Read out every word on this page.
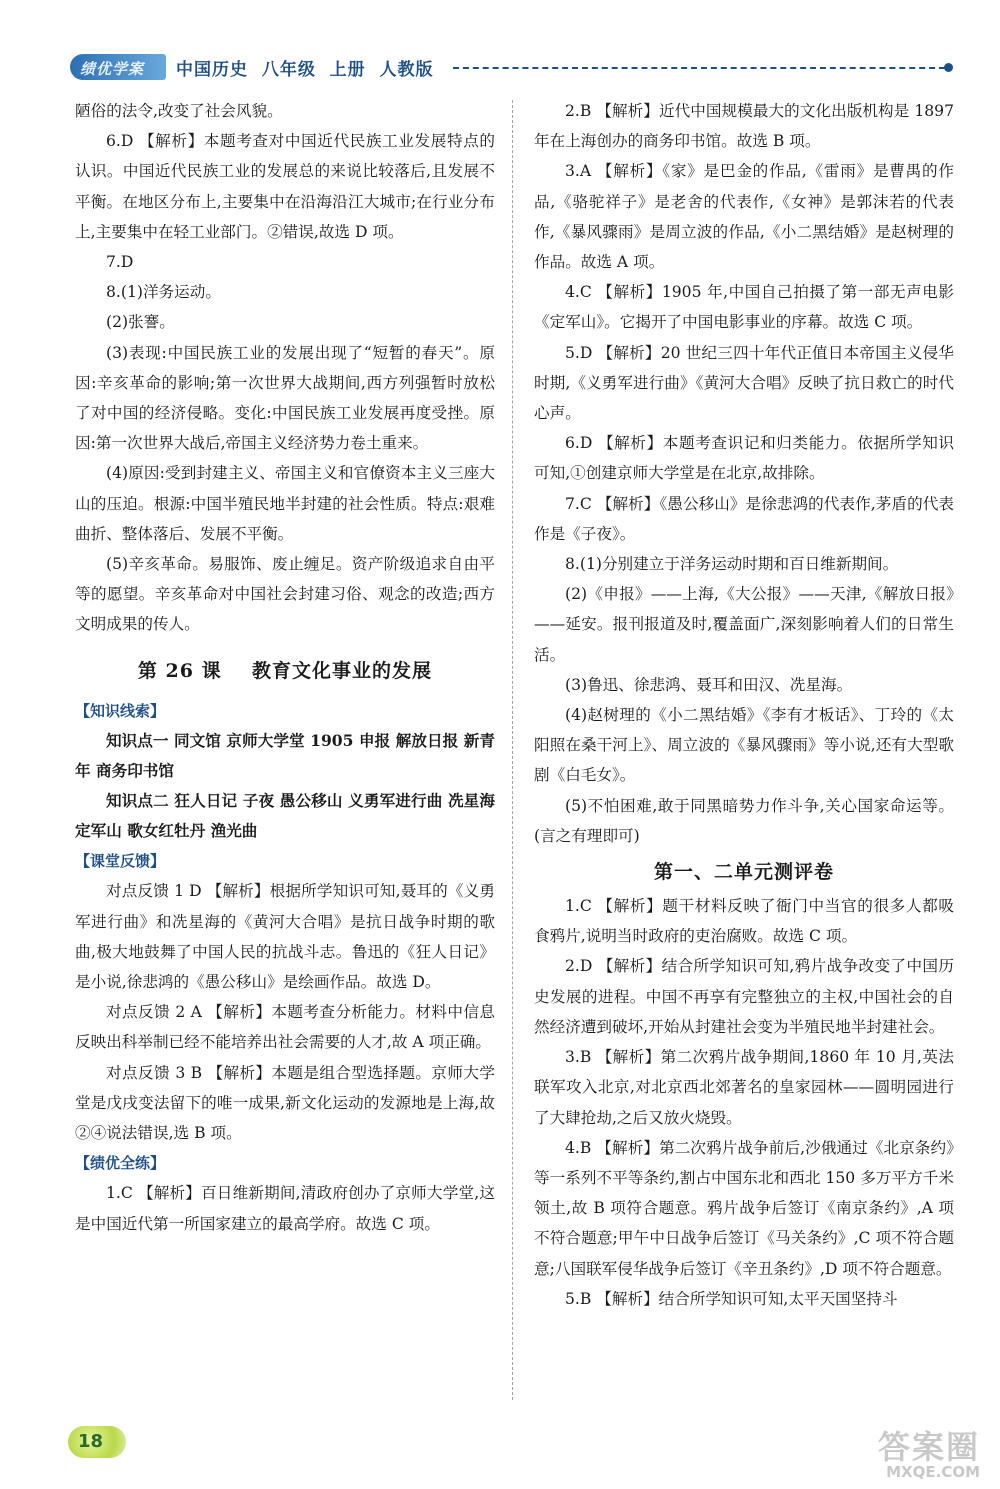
绩优学案 中国历史  八年级  上册  人教版

陋俗的法令,改变了社会风貌。

6.D 【解析】本题考查对中国近代民族工业发展特点的认识。中国近代民族工业的发展总的来说比较落后,且发展不平衡。在地区分布上,主要集中在沿海沿江大城市;在行业分布上,主要集中在轻工业部门。②错误,故选 D 项。

7.D

8.(1)洋务运动。

(2)张謇。

(3)表现:中国民族工业的发展出现了“短暂的春天”。原因:辛亥革命的影响;第一次世界大战期间,西方列强暂时放松了对中国的经济侵略。变化:中国民族工业发展再度受挫。原因:第一次世界大战后,帝国主义经济势力卷土重来。

(4)原因:受到封建主义、帝国主义和官僚资本主义三座大山的压迫。根源:中国半殖民地半封建的社会性质。特点:艰难曲折、整体落后、发展不平衡。

(5)辛亥革命。易服饰、废止缠足。资产阶级追求自由平等的愿望。辛亥革命对中国社会封建习俗、观念的改造;西方文明成果的传人。

第 26 课    教育文化事业的发展
【知识线索】

知识点一 同文馆 京师大学堂 1905 申报 解放日报 新青年 商务印书馆

知识点二 狂人日记 子夜 愚公移山 义勇军进行曲 冼星海 定军山 歌女红牡丹 渔光曲

【课堂反馈】

对点反馈 1 D 【解析】根据所学知识可知,聂耳的《义勇军进行曲》和冼星海的《黄河大合唱》是抗日战争时期的歌曲,极大地鼓舞了中国人民的抗战斗志。鲁迅的《狂人日记》是小说,徐悲鸿的《愚公移山》是绘画作品。故选 D。

对点反馈 2 A 【解析】本题考查分析能力。材料中信息反映出科举制已经不能培养出社会需要的人才,故 A 项正确。

对点反馈 3 B 【解析】本题是组合型选择题。京师大学堂是戊戌变法留下的唯一成果,新文化运动的发源地是上海,故②④说法错误,选 B 项。

【绩优全练】

1.C 【解析】百日维新期间,清政府创办了京师大学堂,这是中国近代第一所国家建立的最高学府。故选 C 项。

2.B 【解析】近代中国规模最大的文化出版机构是 1897 年在上海创办的商务印书馆。故选 B 项。

3.A 【解析】《家》是巴金的作品,《雷雨》是曹禺的作品,《骆驼祥子》是老舍的代表作,《女神》是郭沫若的代表作,《暴风骤雨》是周立波的作品,《小二黑结婚》是赵树理的作品。故选 A 项。

4.C 【解析】1905 年,中国自己拍摄了第一部无声电影《定军山》。它揭开了中国电影事业的序幕。故选 C 项。

5.D 【解析】20 世纪三四十年代正值日本帝国主义侵华时期,《义勇军进行曲》《黄河大合唱》反映了抗日救亡的时代心声。

6.D 【解析】本题考查识记和归类能力。依据所学知识可知,①创建京师大学堂是在北京,故排除。

7.C 【解析】《愚公移山》是徐悲鸿的代表作,茅盾的代表作是《子夜》。

8.(1)分别建立于洋务运动时期和百日维新期间。

(2)《申报》——上海,《大公报》——天津,《解放日报》——延安。报刊报道及时,覆盖面广,深刻影响着人们的日常生活。

(3)鲁迅、徐悲鸿、聂耳和田汉、冼星海。

(4)赵树理的《小二黑结婚》《李有才板话》、丁玲的《太阳照在桑干河上》、周立波的《暴风骤雨》等小说,还有大型歌剧《白毛女》。

(5)不怕困难,敢于同黑暗势力作斗争,关心国家命运等。(言之有理即可)

第一、二单元测评卷

1.C 【解析】题干材料反映了衙门中当官的很多人都吸食鸦片,说明当时政府的吏治腐败。故选 C 项。

2.D 【解析】结合所学知识可知,鸦片战争改变了中国历史发展的进程。中国不再享有完整独立的主权,中国社会的自然经济遭到破坏,开始从封建社会变为半殖民地半封建社会。

3.B 【解析】第二次鸦片战争期间,1860 年 10 月,英法联军攻入北京,对北京西北郊著名的皇家园林——圆明园进行了大肆抢劫,之后又放火烧毁。

4.B 【解析】第二次鸦片战争前后,沙俄通过《北京条约》等一系列不平等条约,割占中国东北和西北 150 多万平方千米领土,故 B 项符合题意。鸦片战争后签订《南京条约》,A 项不符合题意;甲午中日战争后签订《马关条约》,C 项不符合题意;八国联军侵华战争后签订《辛丑条约》,D 项不符合题意。

5.B 【解析】结合所学知识可知,太平天国坚持斗

18	答案圈
MXQE.COM
